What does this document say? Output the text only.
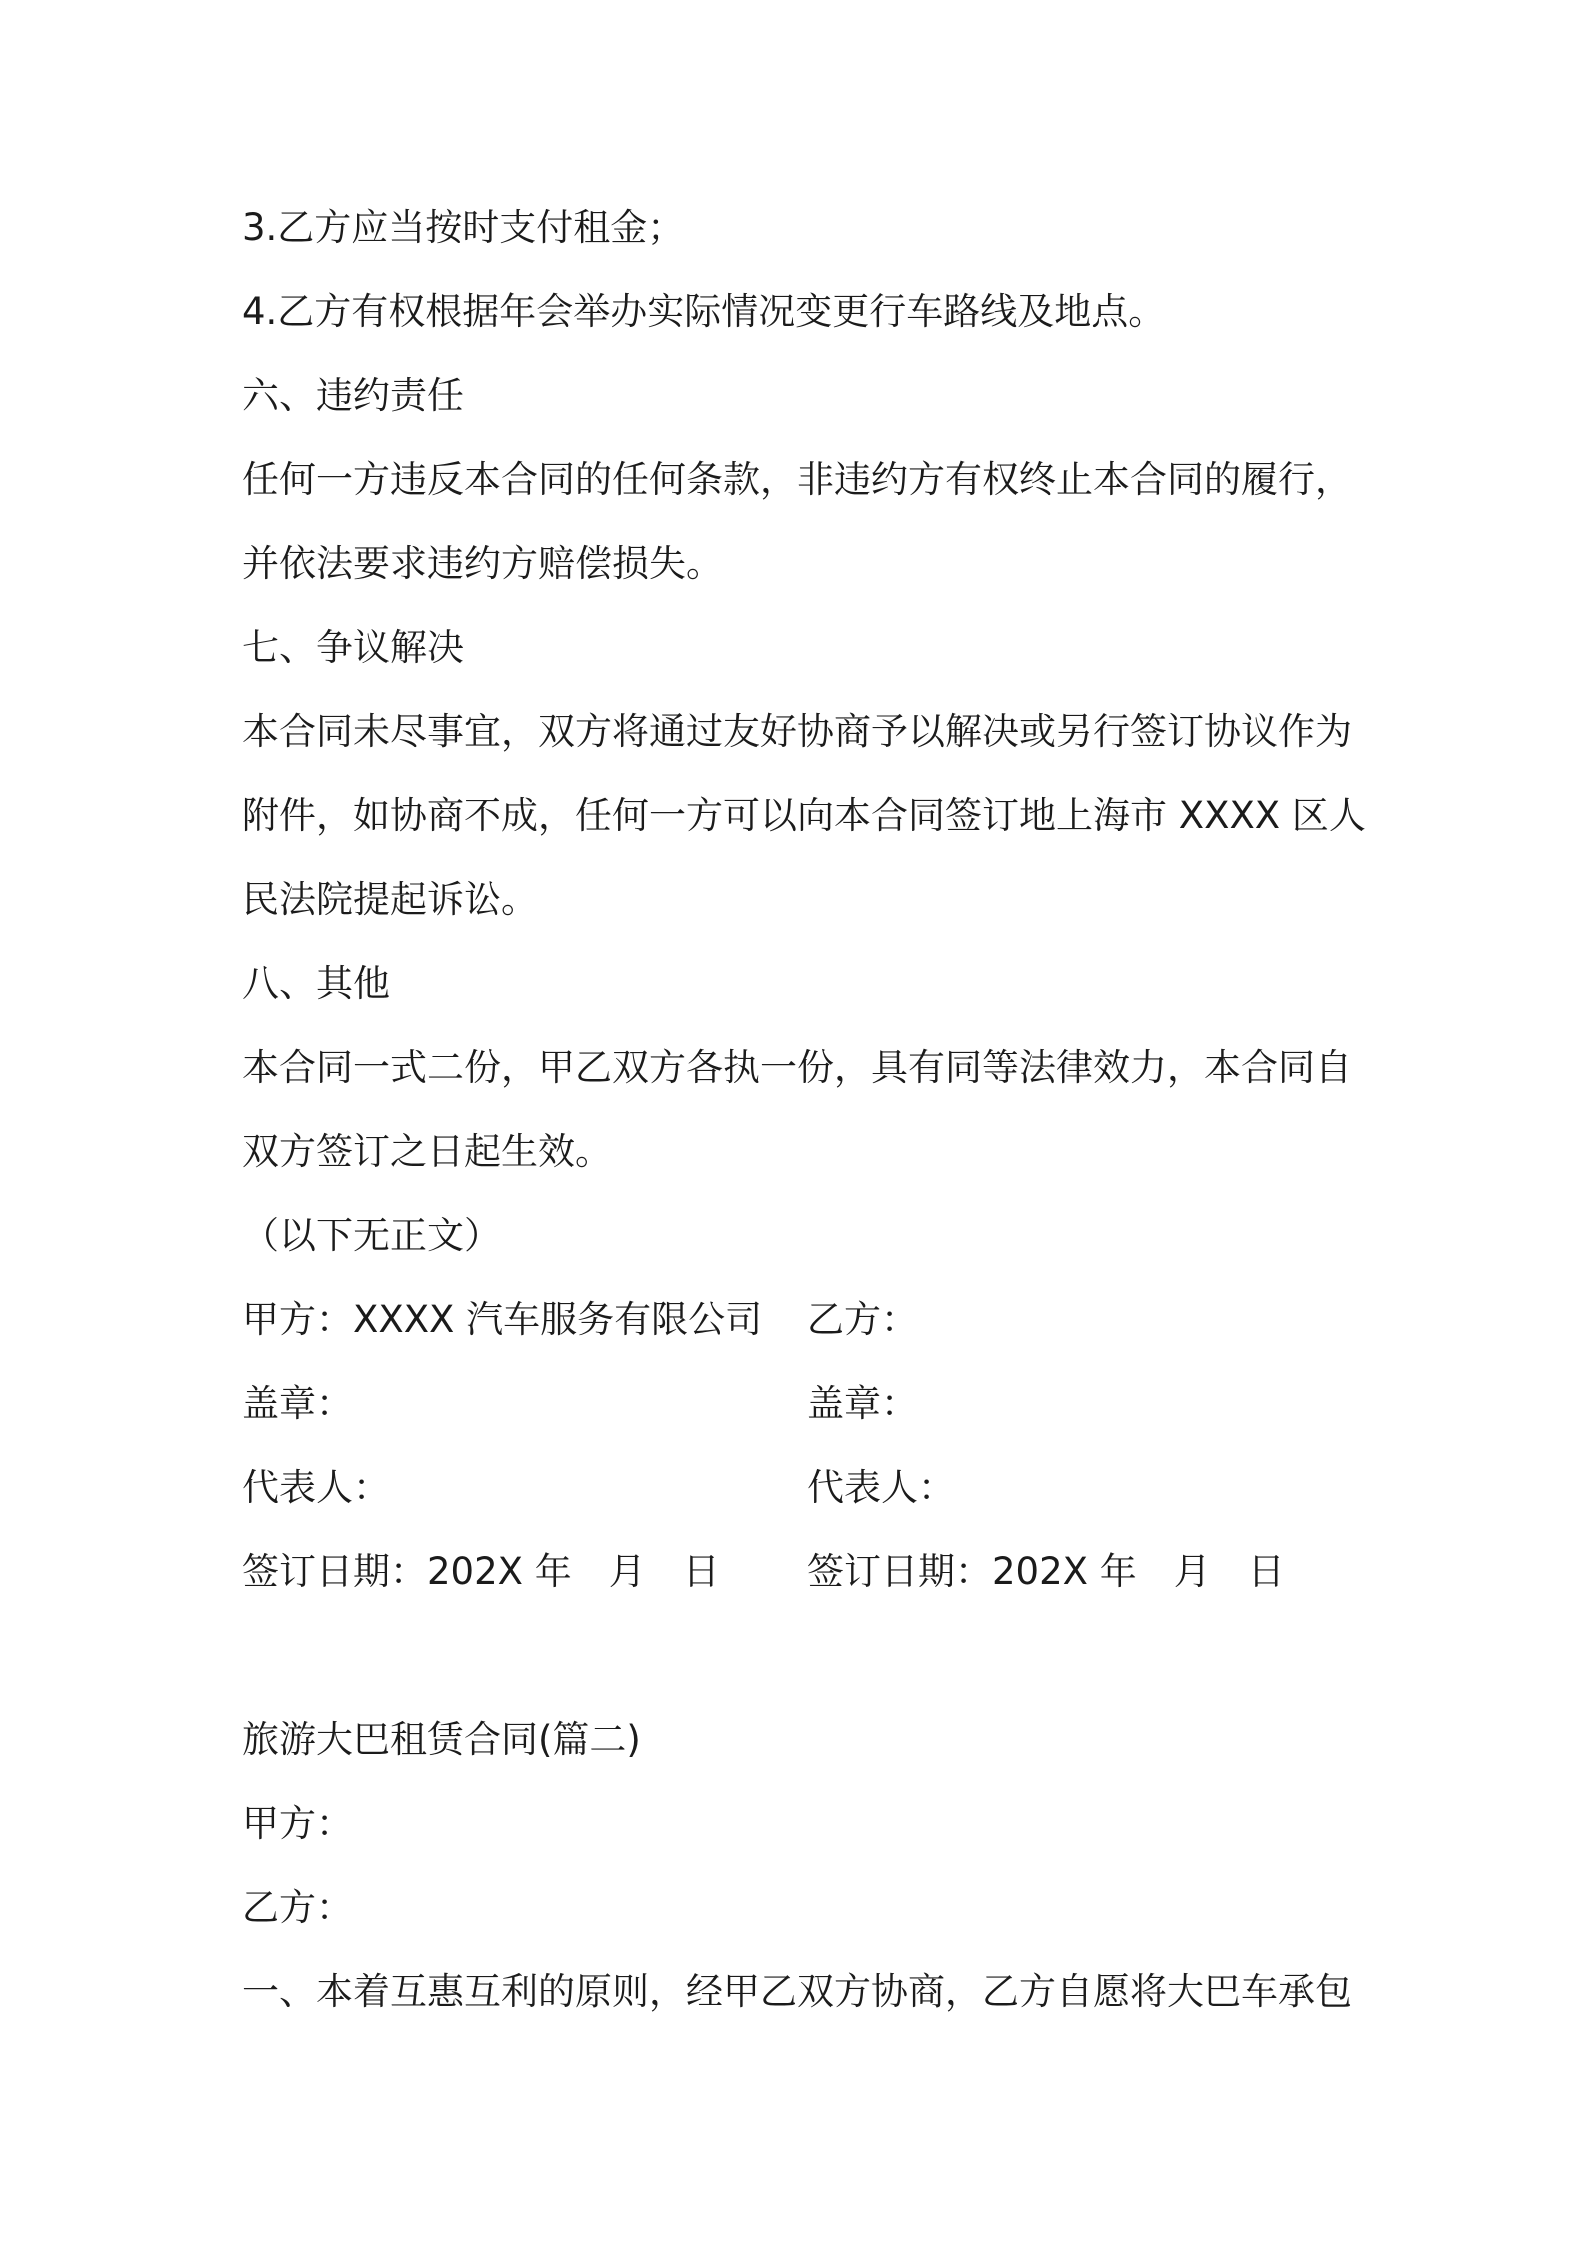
3.乙方应当按时支付租金；
4.乙方有权根据年会举办实际情况变更行车路线及地点。
六、违约责任
任何一方违反本合同的任何条款，非违约方有权终止本合同的履行，
并依法要求违约方赔偿损失。
七、争议解决
本合同未尽事宜，双方将通过友好协商予以解决或另行签订协议作为
附件，如协商不成，任何一方可以向本合同签订地上海市 XXXX 区人
民法院提起诉讼。
八、其他
本合同一式二份，甲乙双方各执一份，具有同等法律效力，本合同自
双方签订之日起生效。
（以下无正文）

甲方：XXXX 汽车服务有限公司

乙方：

盖章：

	盖章：

代表人：

	代表人：

签订日期：202X 年　月　日

签订日期：202X 年　月　日

旅游大巴租赁合同(篇二)
甲方：
乙方：
一、本着互惠互利的原则，经甲乙双方协商，乙方自愿将大巴车承包
